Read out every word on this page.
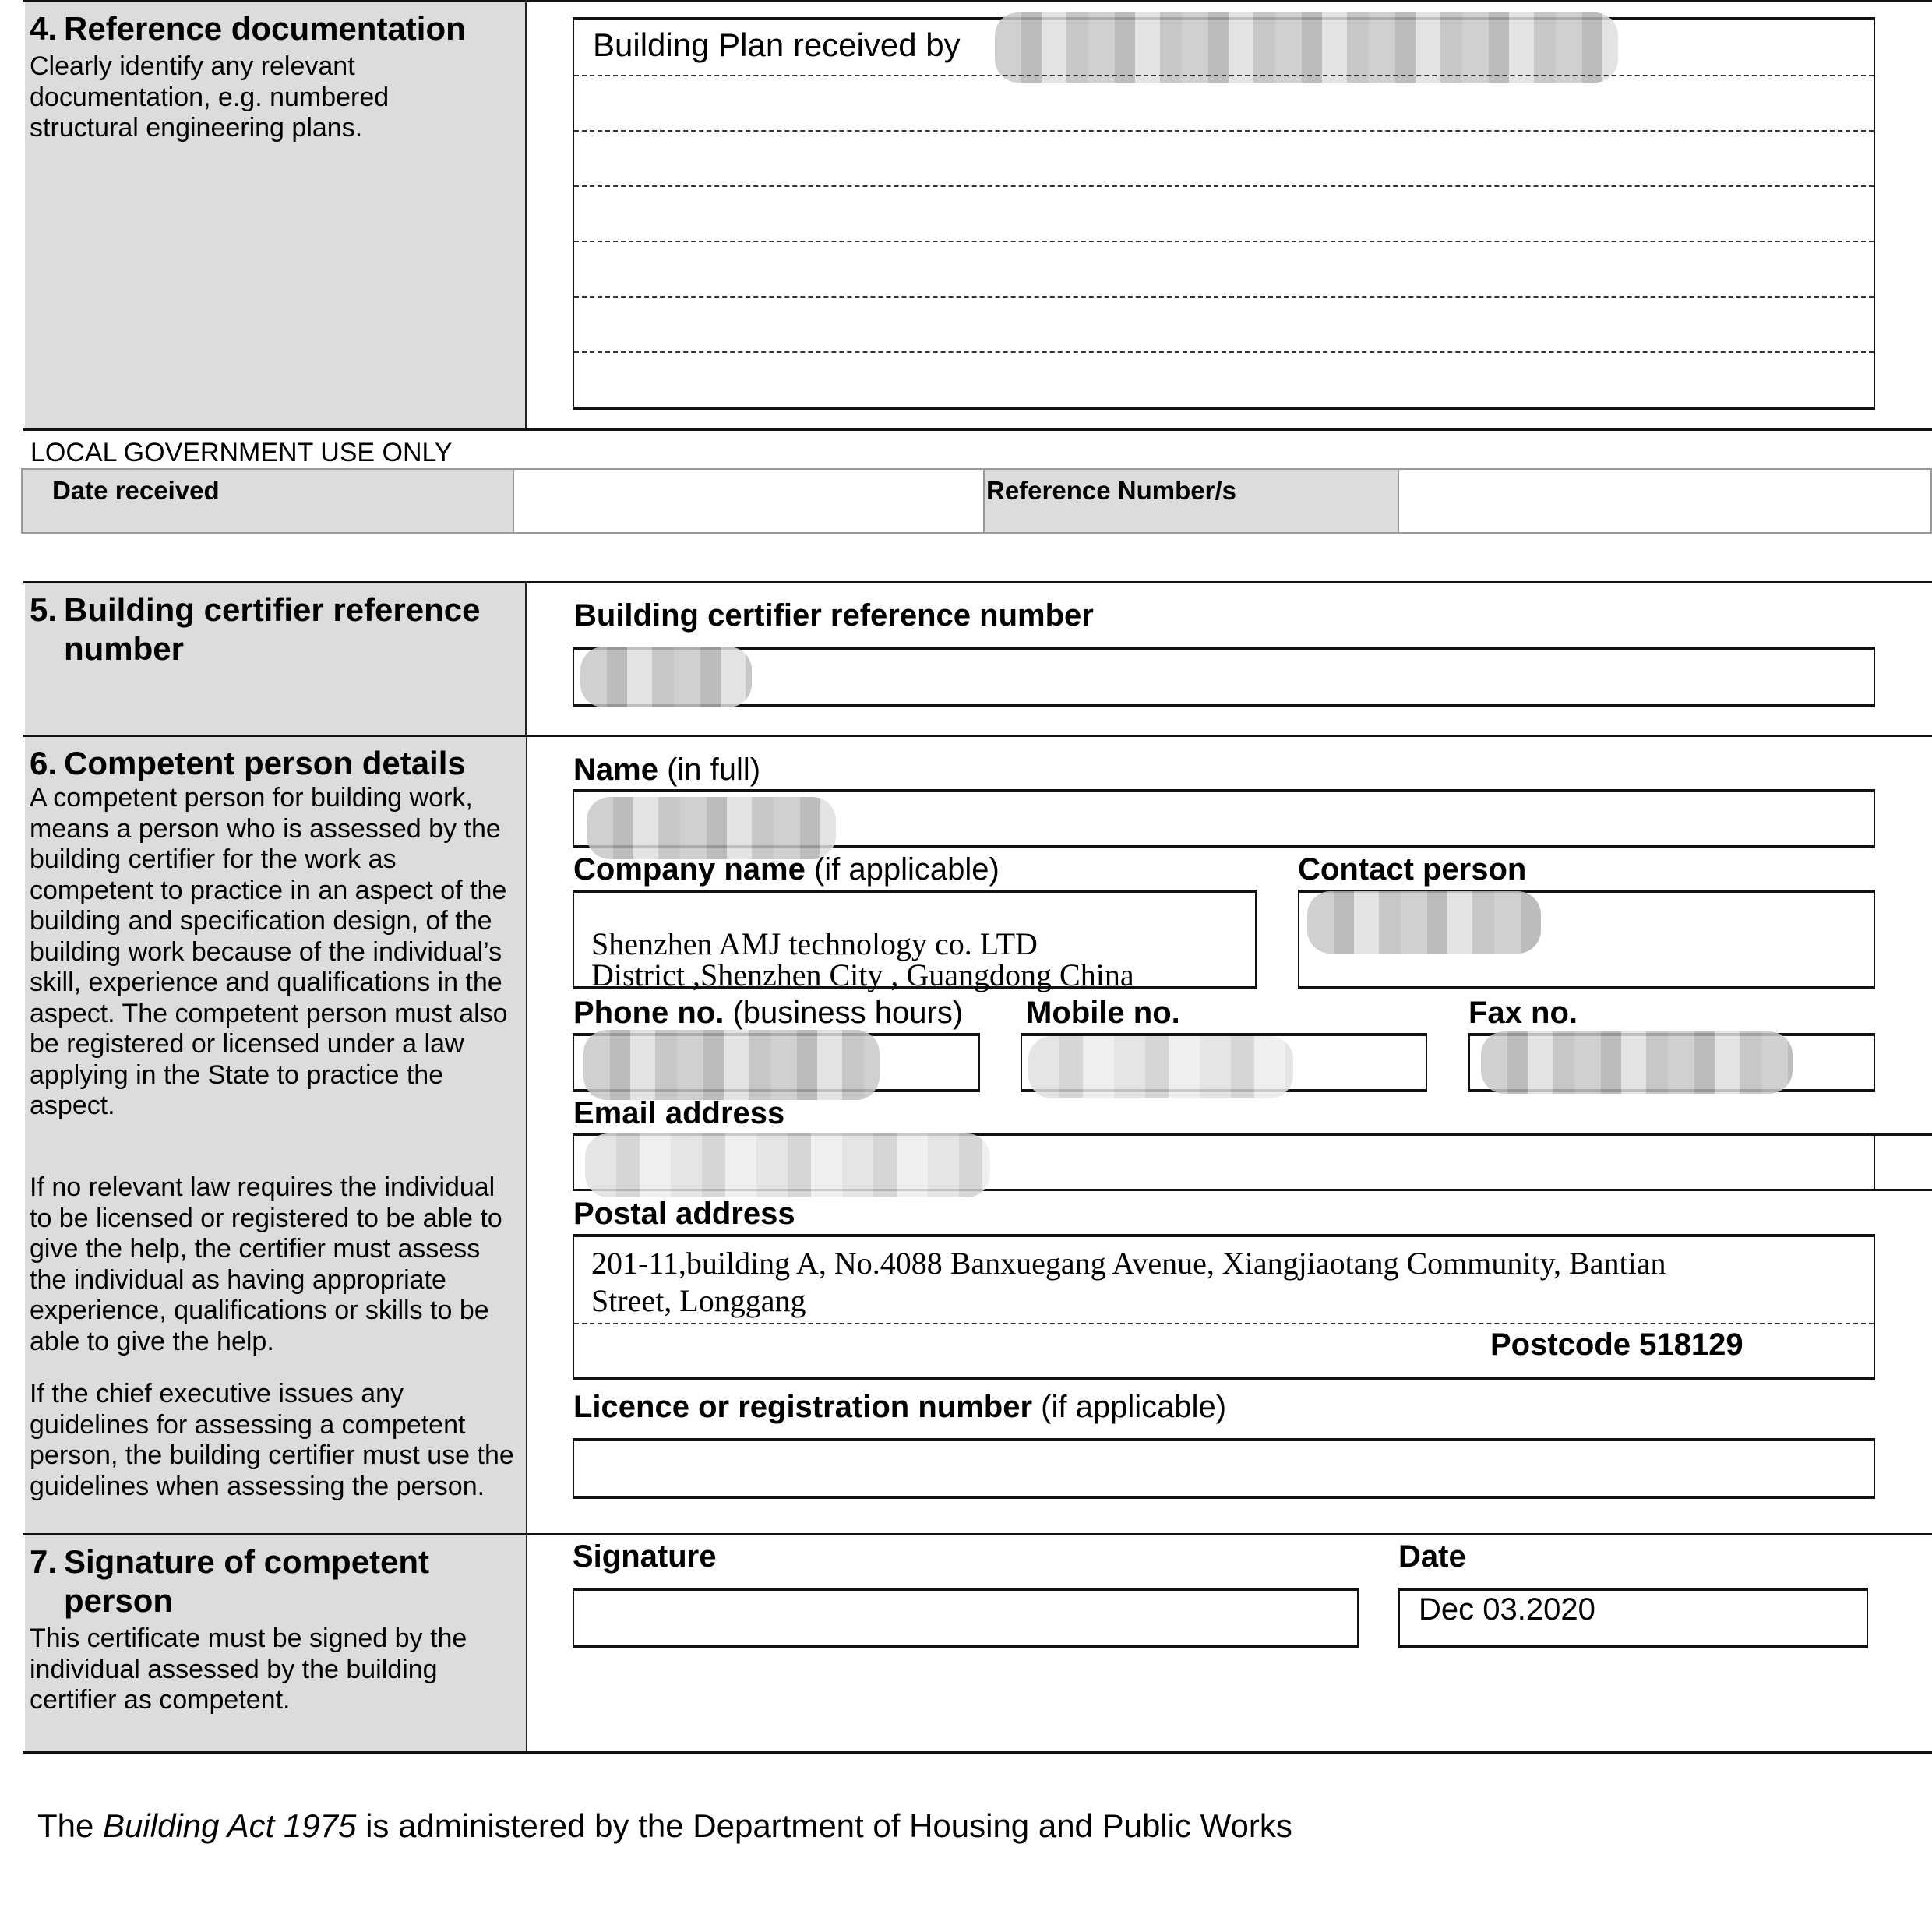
4. Reference documentation
Clearly identify any relevant documentation, e.g. numbered structural engineering plans.
Building Plan received by
LOCAL GOVERNMENT USE ONLY
Date received	Reference Number/s
5. Building certifier reference
number
Building certifier reference number
6. Competent person details
A competent person for building work, means a person who is assessed by the building certifier for the work as competent to practice in an aspect of the building and specification design, of the building work because of the individual’s skill, experience and qualifications in the aspect. The competent person must also be registered or licensed under a law applying in the State to practice the aspect.
If no relevant law requires the individual to be licensed or registered to be able to give the help, the certifier must assess the individual as having appropriate experience, qualifications or skills to be able to give the help.
If the chief executive issues any guidelines for assessing a competent person, the building certifier must use the guidelines when assessing the person.
Name (in full)
Company name (if applicable)
Shenzhen AMJ technology co. LTD
District ,Shenzhen City , Guangdong China
Contact person
Phone no. (business hours) Mobile no.	Fax no.
Email address
Postal address
201-11,building A, No.4088 Banxuegang Avenue, Xiangjiaotang Community, Bantian
Street, Longgang
Postcode 518129
Licence or registration number (if applicable)
7. Signature of competent
person
This certificate must be signed by the individual assessed by the building certifier as competent.
Signature	Date
Dec 03.2020
The Building Act 1975 is administered by the Department of Housing and Public Works
